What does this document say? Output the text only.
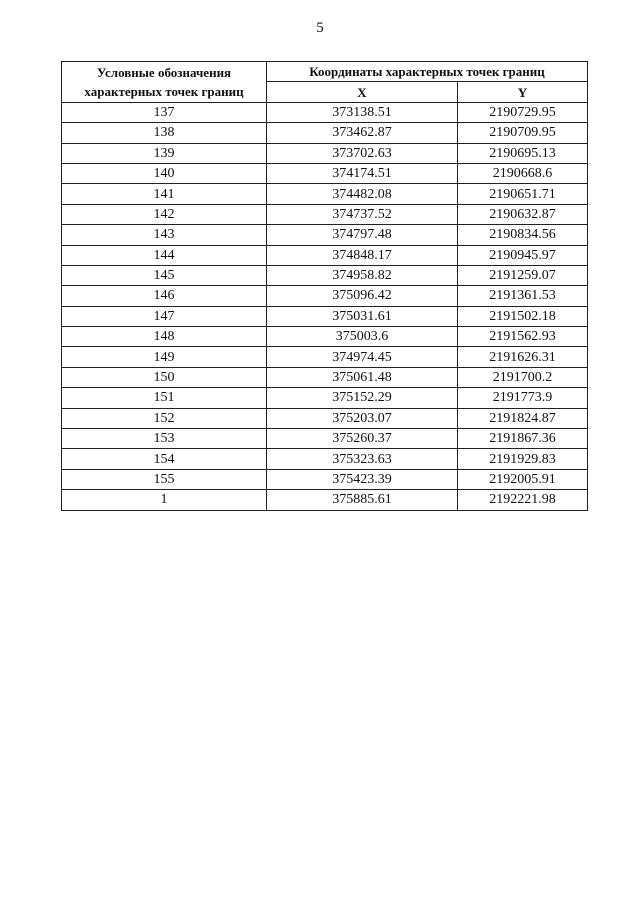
5
Условные обозначения
характерных точек границ	Координаты характерных точек границ	
	X	Y
137	373138.51	2190729.95
138	373462.87	2190709.95
139	373702.63	2190695.13
140	374174.51	2190668.6
141	374482.08	2190651.71
142	374737.52	2190632.87
143	374797.48	2190834.56
144	374848.17	2190945.97
145	374958.82	2191259.07
146	375096.42	2191361.53
147	375031.61	2191502.18
148	375003.6	2191562.93
149	374974.45	2191626.31
150	375061.48	2191700.2
151	375152.29	2191773.9
152	375203.07	2191824.87
153	375260.37	2191867.36
154	375323.63	2191929.83
155	375423.39	2192005.91
1	375885.61	2192221.98
